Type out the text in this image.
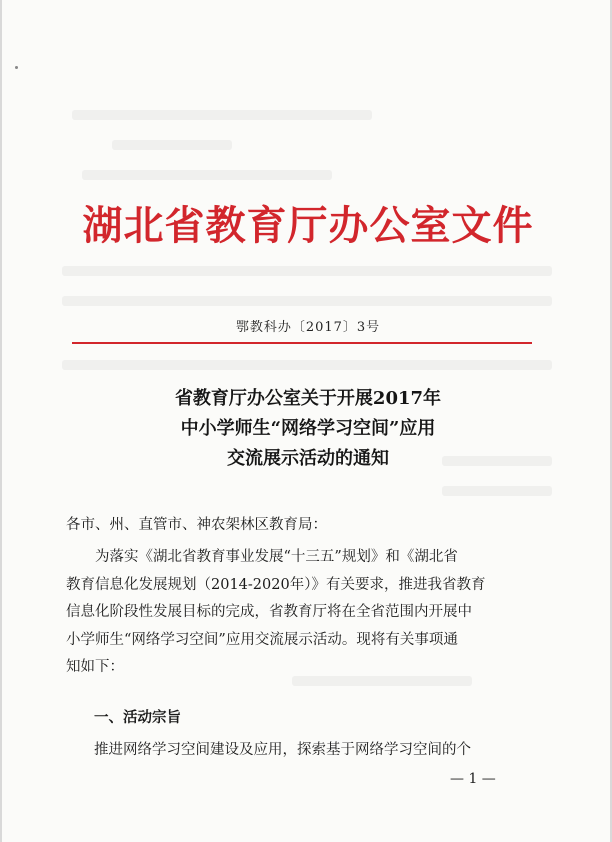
湖北省教育厅办公室文件
鄂教科办〔2017〕3号
省教育厅办公室关于开展2017年
中小学师生“网络学习空间”应用
交流展示活动的通知
各市、州、直管市、神农架林区教育局：
为落实《湖北省教育事业发展“十三五”规划》和《湖北省
教育信息化发展规划（2014-2020年）》有关要求，推进我省教育
信息化阶段性发展目标的完成，省教育厅将在全省范围内开展中
小学师生“网络学习空间”应用交流展示活动。现将有关事项通
知如下：
一、活动宗旨
推进网络学习空间建设及应用，探索基于网络学习空间的个
— 1 —
